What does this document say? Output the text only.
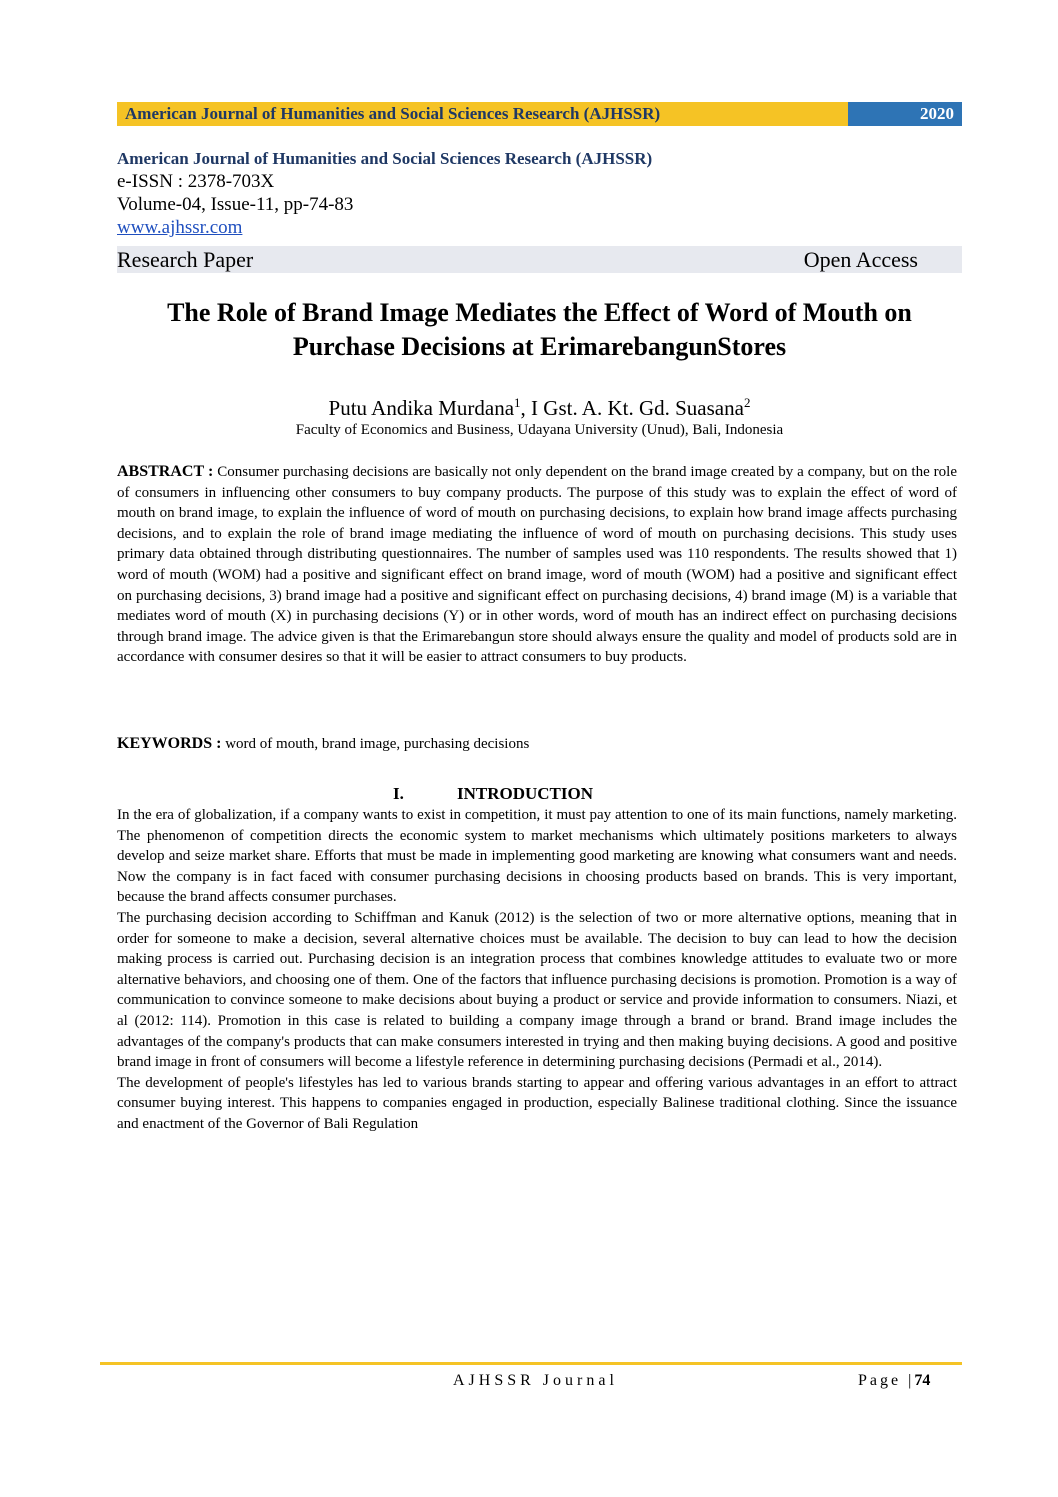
American Journal of Humanities and Social Sciences Research (AJHSSR)	2020
American Journal of Humanities and Social Sciences Research (AJHSSR)
e-ISSN : 2378-703X
Volume-04, Issue-11, pp-74-83
www.ajhssr.com
Research Paper	Open Access
The Role of Brand Image Mediates the Effect of Word of Mouth on
Purchase Decisions at ErimarebangunStores
Putu Andika Murdana$^1$, I Gst. A. Kt. Gd. Suasana$^2$
Faculty of Economics and Business, Udayana University (Unud), Bali, Indonesia
ABSTRACT : Consumer purchasing decisions are basically not only dependent on the brand image created by a company, but on the role of consumers in influencing other consumers to buy company products. The purpose of this study was to explain the effect of word of mouth on brand image, to explain the influence of word of mouth on purchasing decisions, to explain how brand image affects purchasing decisions, and to explain the role of brand image mediating the influence of word of mouth on purchasing decisions. This study uses primary data obtained through distributing questionnaires. The number of samples used was 110 respondents. The results showed that 1) word of mouth (WOM) had a positive and significant effect on brand image, word of mouth (WOM) had a positive and significant effect on purchasing decisions, 3) brand image had a positive and significant effect on purchasing decisions, 4) brand image (M) is a variable that mediates word of mouth (X) in purchasing decisions (Y) or in other words, word of mouth has an indirect effect on purchasing decisions through brand image. The advice given is that the Erimarebangun store should always ensure the quality and model of products sold are in accordance with consumer desires so that it will be easier to attract consumers to buy products.
KEYWORDS : word of mouth, brand image, purchasing decisions
I.	INTRODUCTION

In the era of globalization, if a company wants to exist in competition, it must pay attention to one of its main functions, namely marketing. The phenomenon of competition directs the economic system to market mechanisms which ultimately positions marketers to always develop and seize market share. Efforts that must be made in implementing good marketing are knowing what consumers want and needs. Now the company is in fact faced with consumer purchasing decisions in choosing products based on brands. This is very important, because the brand affects consumer purchases.

The purchasing decision according to Schiffman and Kanuk (2012) is the selection of two or more alternative options, meaning that in order for someone to make a decision, several alternative choices must be available. The decision to buy can lead to how the decision making process is carried out. Purchasing decision is an integration process that combines knowledge attitudes to evaluate two or more alternative behaviors, and choosing one of them. One of the factors that influence purchasing decisions is promotion. Promotion is a way of communication to convince someone to make decisions about buying a product or service and provide information to consumers. Niazi, et al (2012: 114). Promotion in this case is related to building a company image through a brand or brand. Brand image includes the advantages of the company's products that can make consumers interested in trying and then making buying decisions. A good and positive brand image in front of consumers will become a lifestyle reference in determining purchasing decisions (Permadi et al., 2014).

The development of people's lifestyles has led to various brands starting to appear and offering various advantages in an effort to attract consumer buying interest. This happens to companies engaged in production, especially Balinese traditional clothing. Since the issuance and enactment of the Governor of Bali Regulation

AJHSSR Journal	Page |74
